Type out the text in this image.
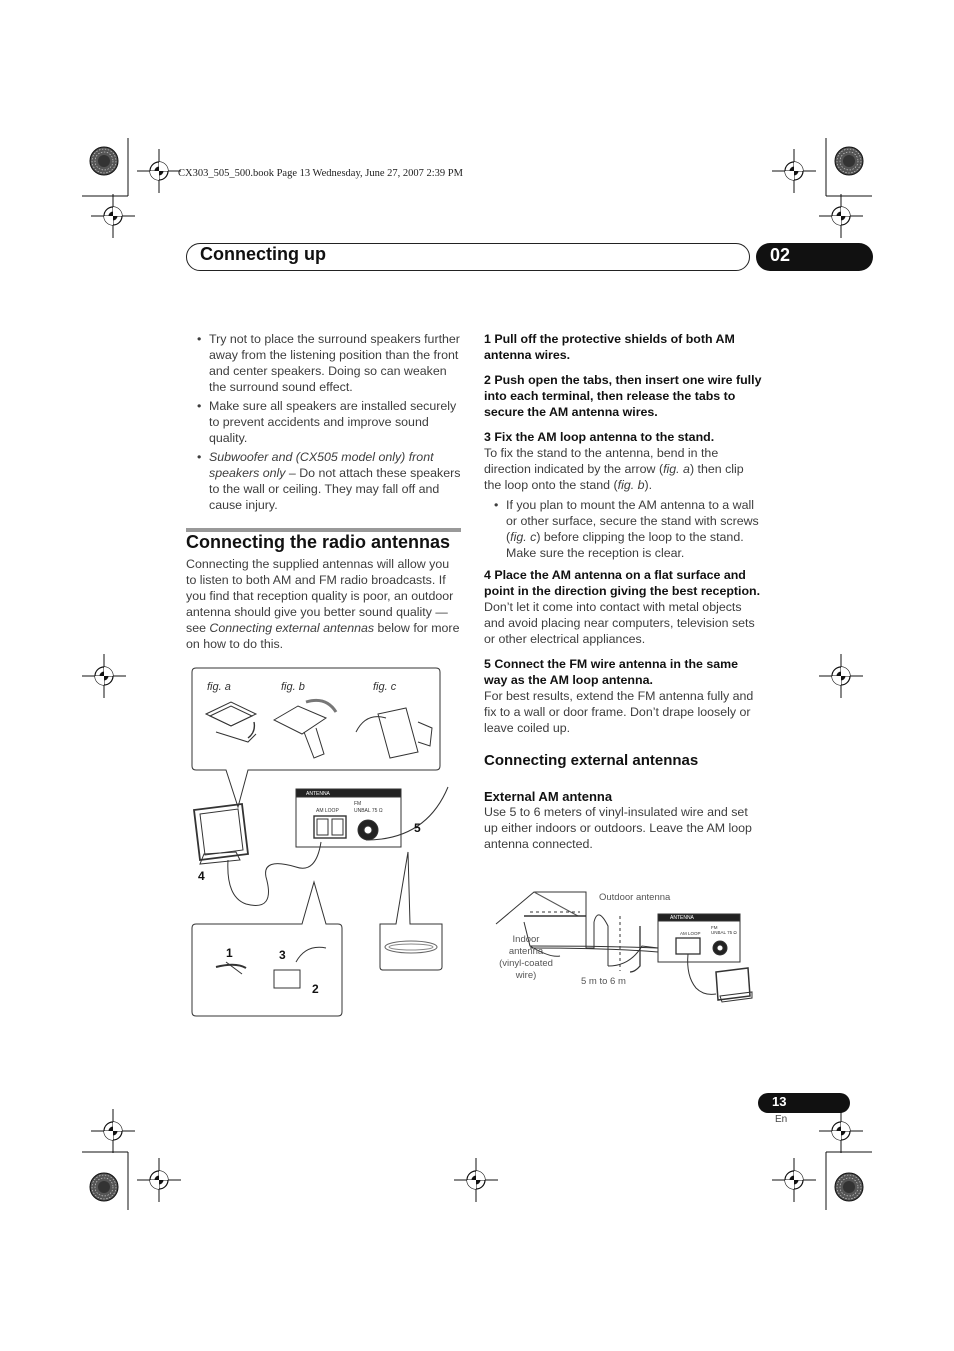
CX303_505_500.book Page 13 Wednesday, June 27, 2007 2:39 PM
Connecting up	02
• Try not to place the surround speakers further away from the listening position than the front and center speakers. Doing so can weaken the surround sound effect.
• Make sure all speakers are installed securely to prevent accidents and improve sound quality.
• Subwoofer and (CX505 model only) front speakers only – Do not attach these speakers to the wall or ceiling. They may fall off and cause injury.
Connecting the radio antennas
Connecting the supplied antennas will allow you to listen to both AM and FM radio broadcasts. If you find that reception quality is poor, an outdoor antenna should give you better sound quality — see Connecting external antennas below for more on how to do this.
ANTENNA
AM LOOP
FM
UNBAL 75 Ω
fig. a	fig. b	fig. c
5
4
1	3
2
1 Pull off the protective shields of both AM antenna wires.
2 Push open the tabs, then insert one wire fully into each terminal, then release the tabs to secure the AM antenna wires.
3 Fix the AM loop antenna to the stand.
To fix the stand to the antenna, bend in the direction indicated by the arrow (fig. a) then clip the loop onto the stand (fig. b).
• If you plan to mount the AM antenna to a wall or other surface, secure the stand with screws (fig. c) before clipping the loop to the stand. Make sure the reception is clear.
4 Place the AM antenna on a flat surface and point in the direction giving the best reception.
Don’t let it come into contact with metal objects and avoid placing near computers, television sets or other electrical appliances.
5 Connect the FM wire antenna in the same way as the AM loop antenna.
For best results, extend the FM antenna fully and fix to a wall or door frame. Don’t drape loosely or leave coiled up.
Connecting external antennas
External AM antenna
Use 5 to 6 meters of vinyl-insulated wire and set up either indoors or outdoors. Leave the AM loop antenna connected.
ANTENNA
AM LOOP
FM
UNBAL 75 Ω
Outdoor antenna
Indoor antenna (vinyl-coated wire)
5 m to 6 m
13
En
